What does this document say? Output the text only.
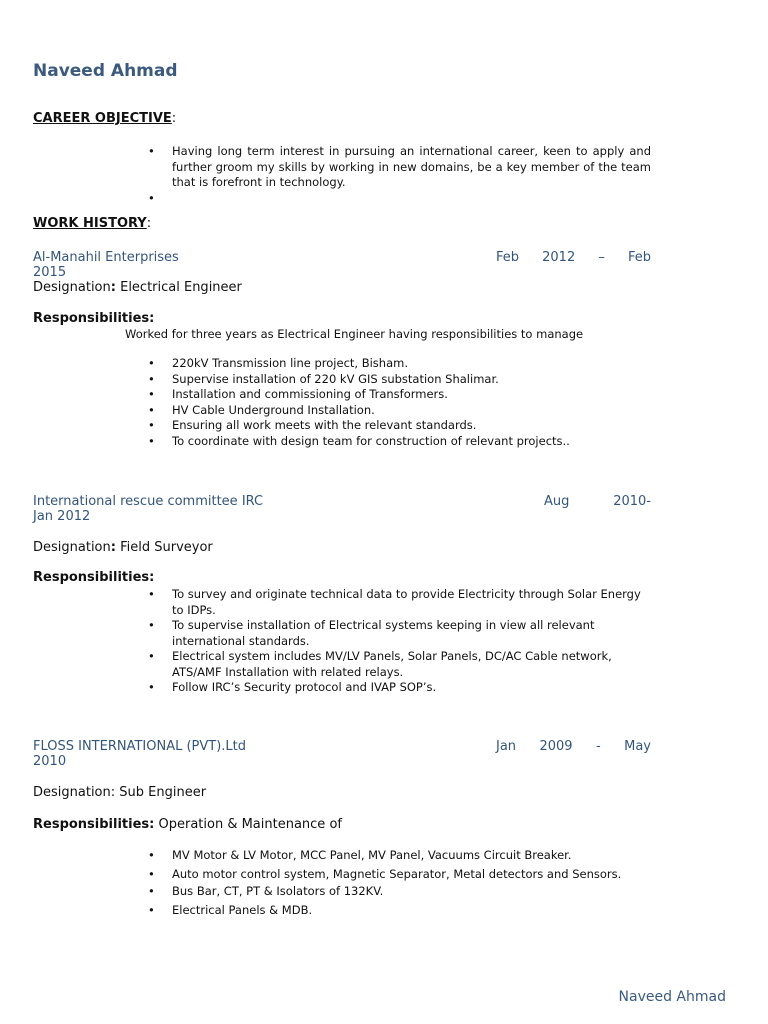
Naveed Ahmad
CAREER OBJECTIVE:
• Having long term interest in pursuing an international career, keen to apply and further groom my skills by working in new domains, be a key member of the team that is forefront in technology.
•
WORK HISTORY:
Al-Manahil Enterprises	Feb 2012 – Feb
2015
Designation: Electrical Engineer
Responsibilities:
Worked for three years as Electrical Engineer having responsibilities to manage
• 220kV Transmission line project, Bisham.
• Supervise installation of 220 kV GIS substation Shalimar.
• Installation and commissioning of Transformers.
• HV Cable Underground Installation.
• Ensuring all work meets with the relevant standards.
• To coordinate with design team for construction of relevant projects..
International rescue committee IRC	Aug	2010-
Jan 2012
Designation: Field Surveyor
Responsibilities:
• To survey and originate technical data to provide Electricity through Solar Energy to IDPs.
• To supervise installation of Electrical systems keeping in view all relevant international standards.
• Electrical system includes MV/LV Panels, Solar Panels, DC/AC Cable network, ATS/AMF Installation with related relays.
• Follow IRC’s Security protocol and IVAP SOP’s.
FLOSS INTERNATIONAL (PVT).Ltd	Jan 2009 - May
2010
Designation: Sub Engineer
Responsibilities: Operation & Maintenance of
• MV Motor & LV Motor, MCC Panel, MV Panel, Vacuums Circuit Breaker.
• Auto motor control system, Magnetic Separator, Metal detectors and Sensors.
• Bus Bar, CT, PT & Isolators of 132KV.
• Electrical Panels & MDB.
Naveed Ahmad
